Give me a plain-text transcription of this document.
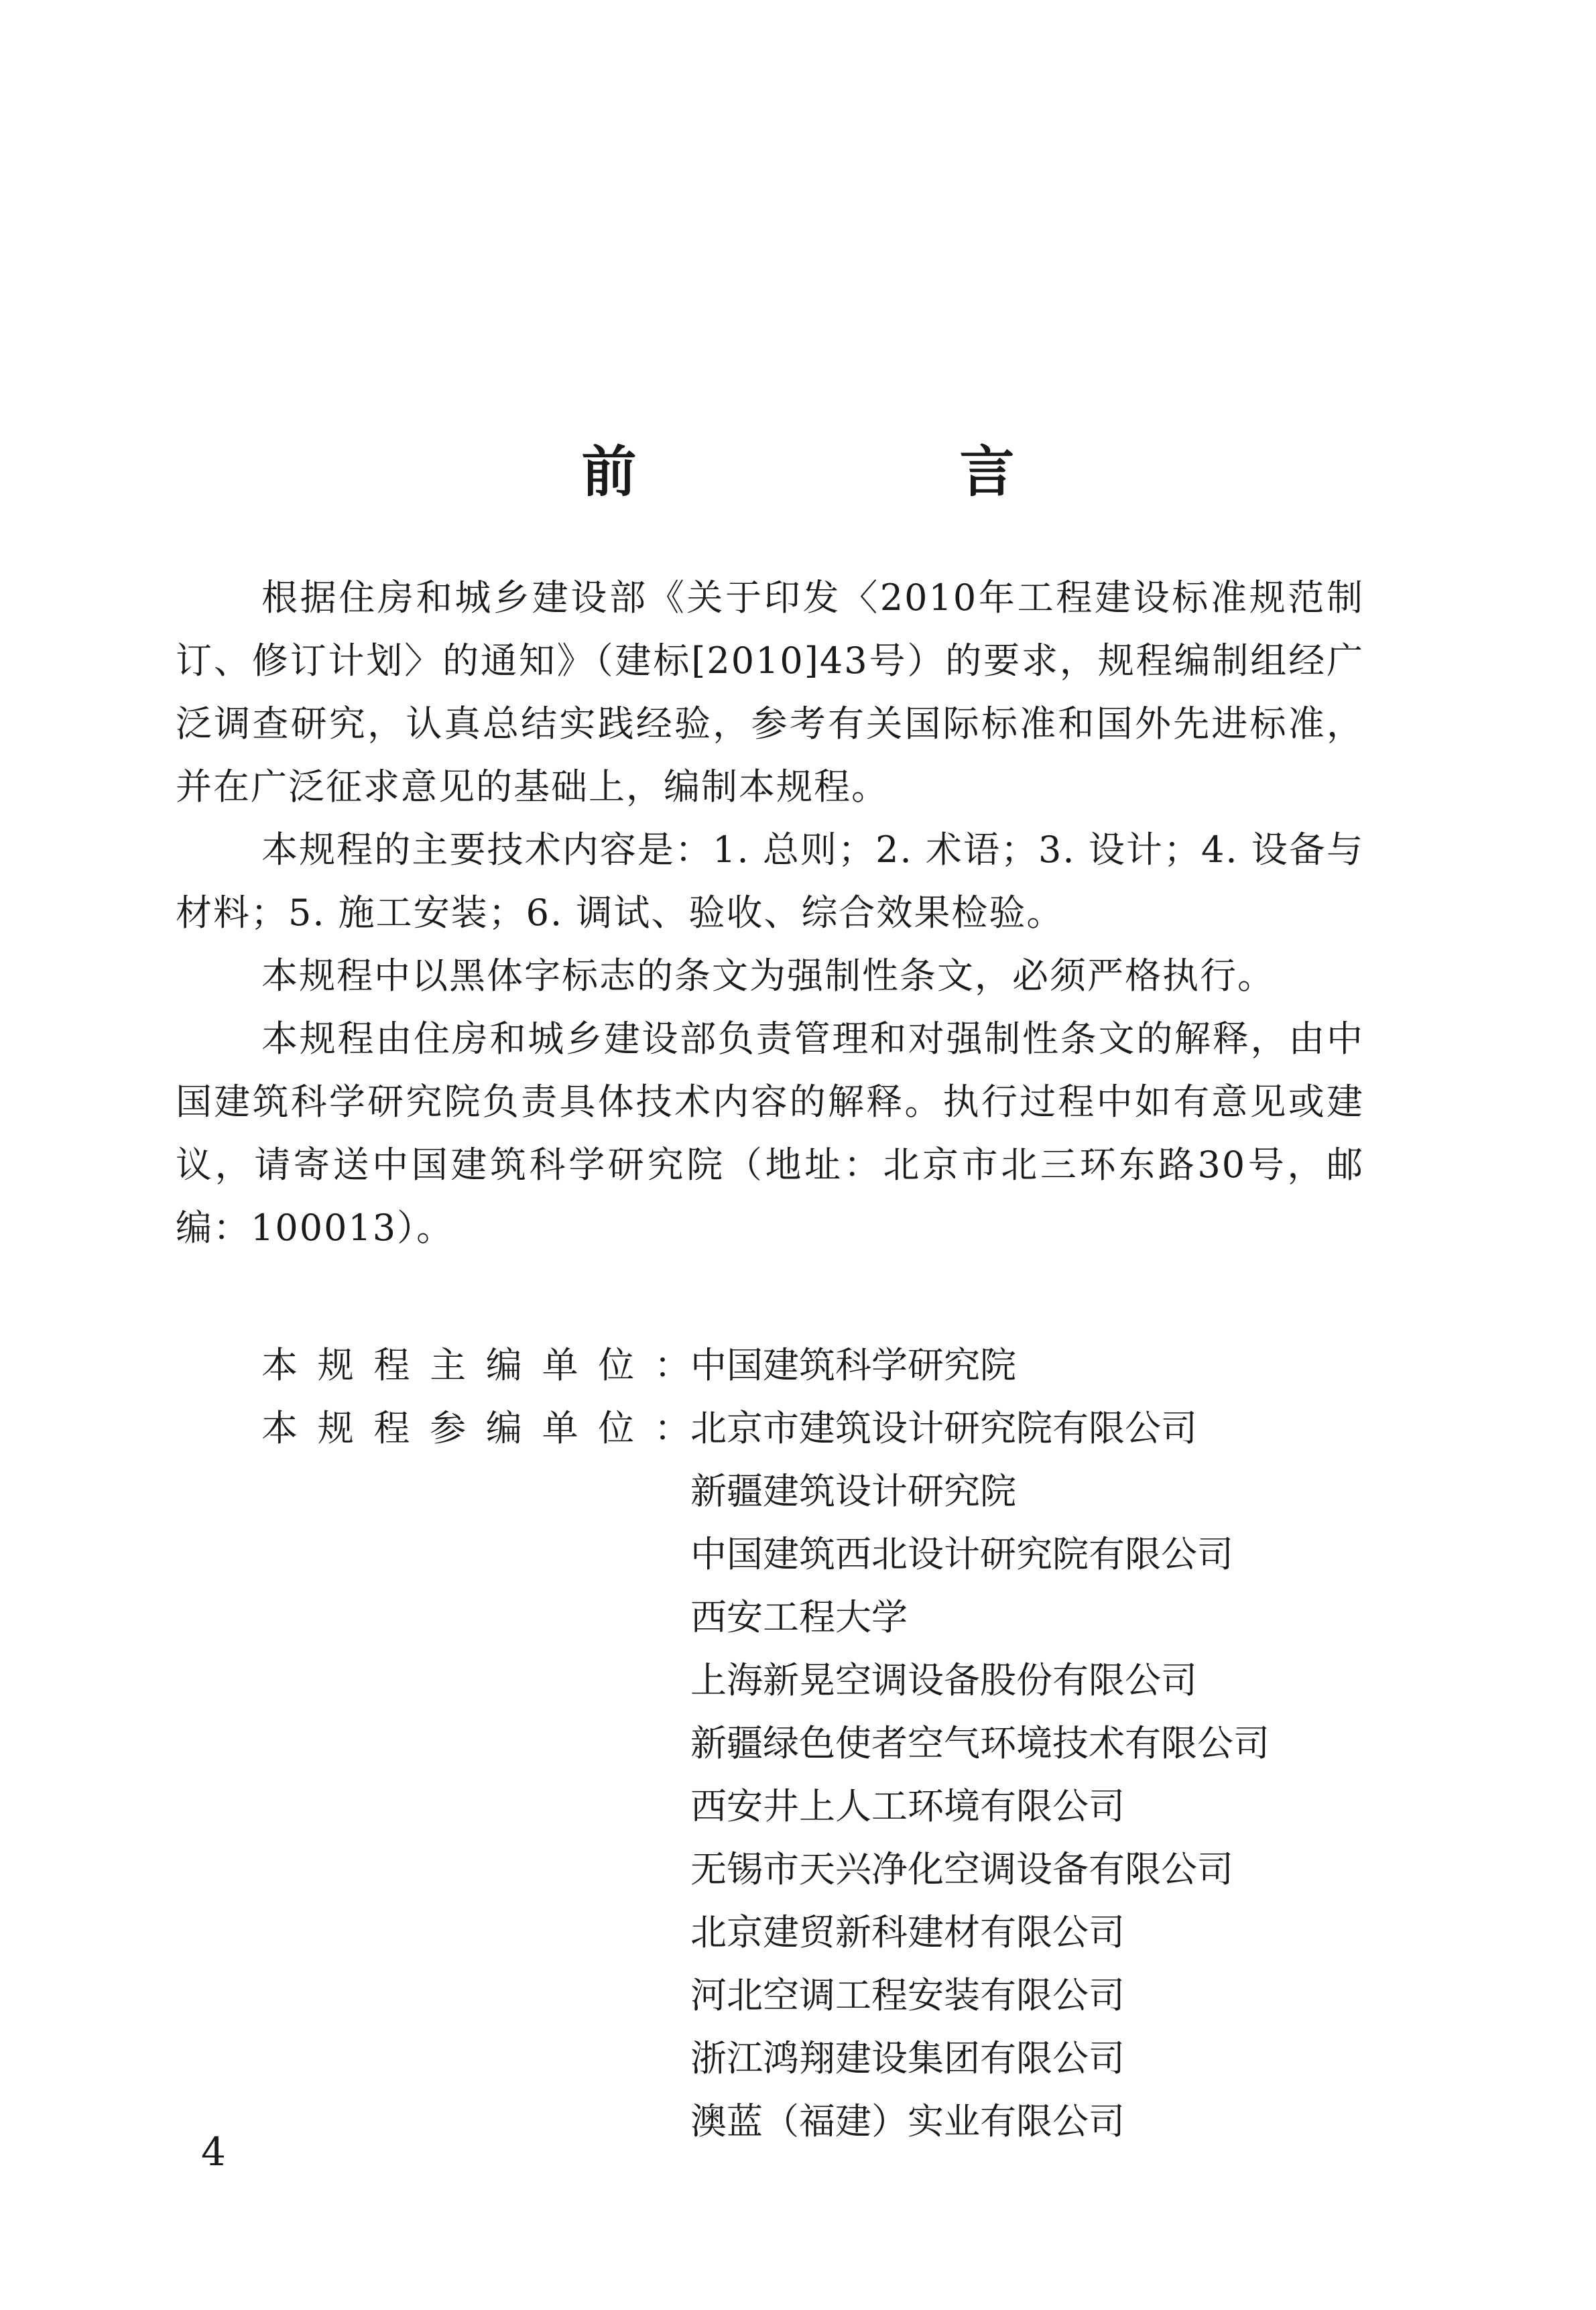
前　言

根据住房和城乡建设部《关于印发〈2010年工程建设标准规范制订、修订计划〉的通知》（建标[2010]43号）的要求，规程编制组经广泛调查研究，认真总结实践经验，参考有关国际标准和国外先进标准，并在广泛征求意见的基础上，编制本规程。

本规程的主要技术内容是：1. 总则；2. 术语；3. 设计；4. 设备与材料；5. 施工安装；6. 调试、验收、综合效果检验。

本规程中以黑体字标志的条文为强制性条文，必须严格执行。

本规程由住房和城乡建设部负责管理和对强制性条文的解释，由中国建筑科学研究院负责具体技术内容的解释。执行过程中如有意见或建议，请寄送中国建筑科学研究院（地址：北京市北三环东路30号，邮编：100013）。

本规程主编单位： 中国建筑科学研究院
本规程参编单位： 北京市建筑设计研究院有限公司
新疆建筑设计研究院
中国建筑西北设计研究院有限公司
西安工程大学
上海新晃空调设备股份有限公司
新疆绿色使者空气环境技术有限公司
西安井上人工环境有限公司
无锡市天兴净化空调设备有限公司
北京建贸新科建材有限公司
河北空调工程安装有限公司
浙江鸿翔建设集团有限公司
澳蓝（福建）实业有限公司
4
